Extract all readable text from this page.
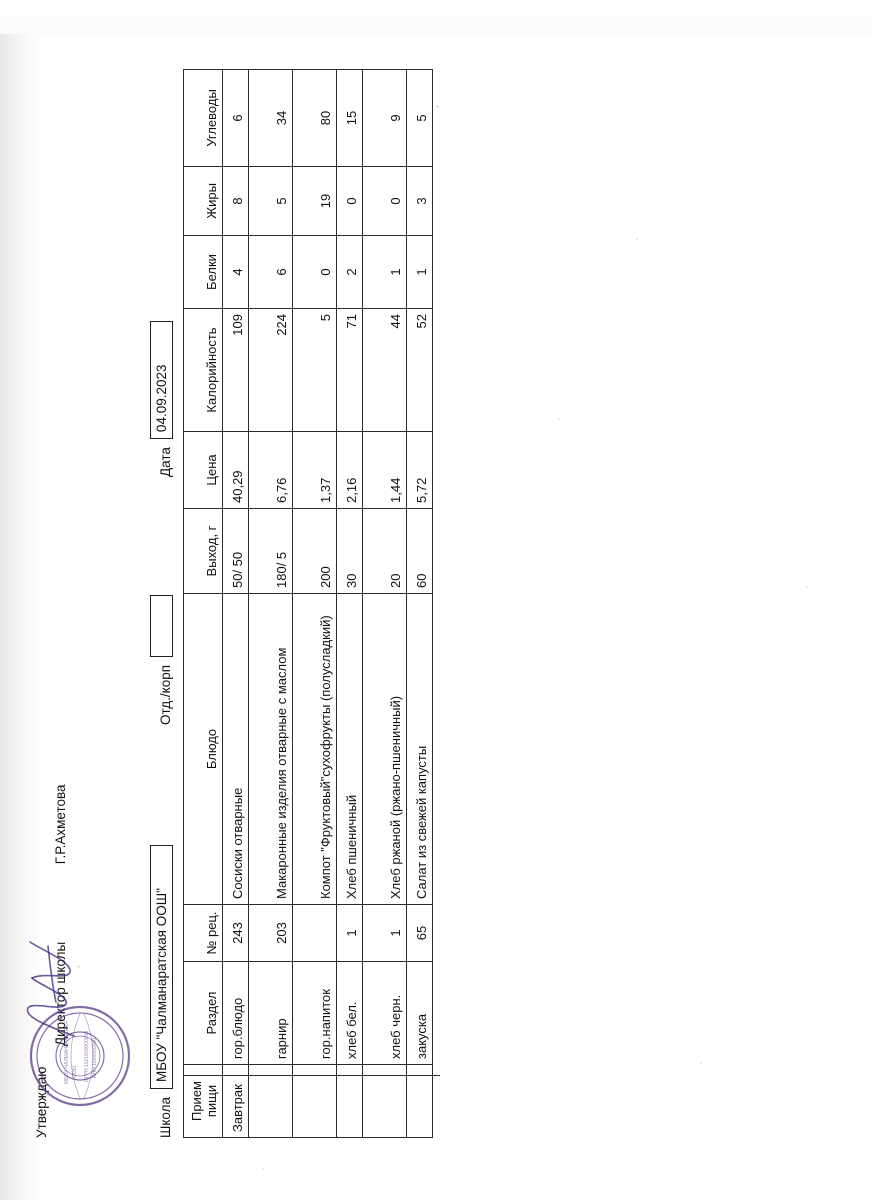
Утверждаю
Директор школы  Г.Р.Ахметова
МБОУ ЧАЛМАНАРАТСКАЯ ООШ ОГРН 1021600000000 ИНН 1600000000
Школа
МБОУ "Чалманаратская ООШ"
Отд./корп
Дата
04.09.2023
Прием пищи	Раздел	№ рец.	Блюдо	Выход, г	Цена	Калорийность	Белки	Жиры	Углеводы
Завтрак	гор.блюдо	243	Сосиски отварные	50/ 50	40,29	109	4	8	6
	гарнир	203	Макаронные изделия отварные с маслом	180/ 5	6,76	224	6	5	34
	гор.напиток		Компот "Фруктовый"сухофрукты (полусладкий)	200	1,37	5	0	19	80
	хлеб бел.	1	Хлеб пшеничный	30	2,16	71	2	0	15
	хлеб черн.	1	Хлеб ржаной (ржано-пшеничный)	20	1,44	44	1	0	9
	закуска	65	Салат из свежей капусты	60	5,72	52	1	3	5
